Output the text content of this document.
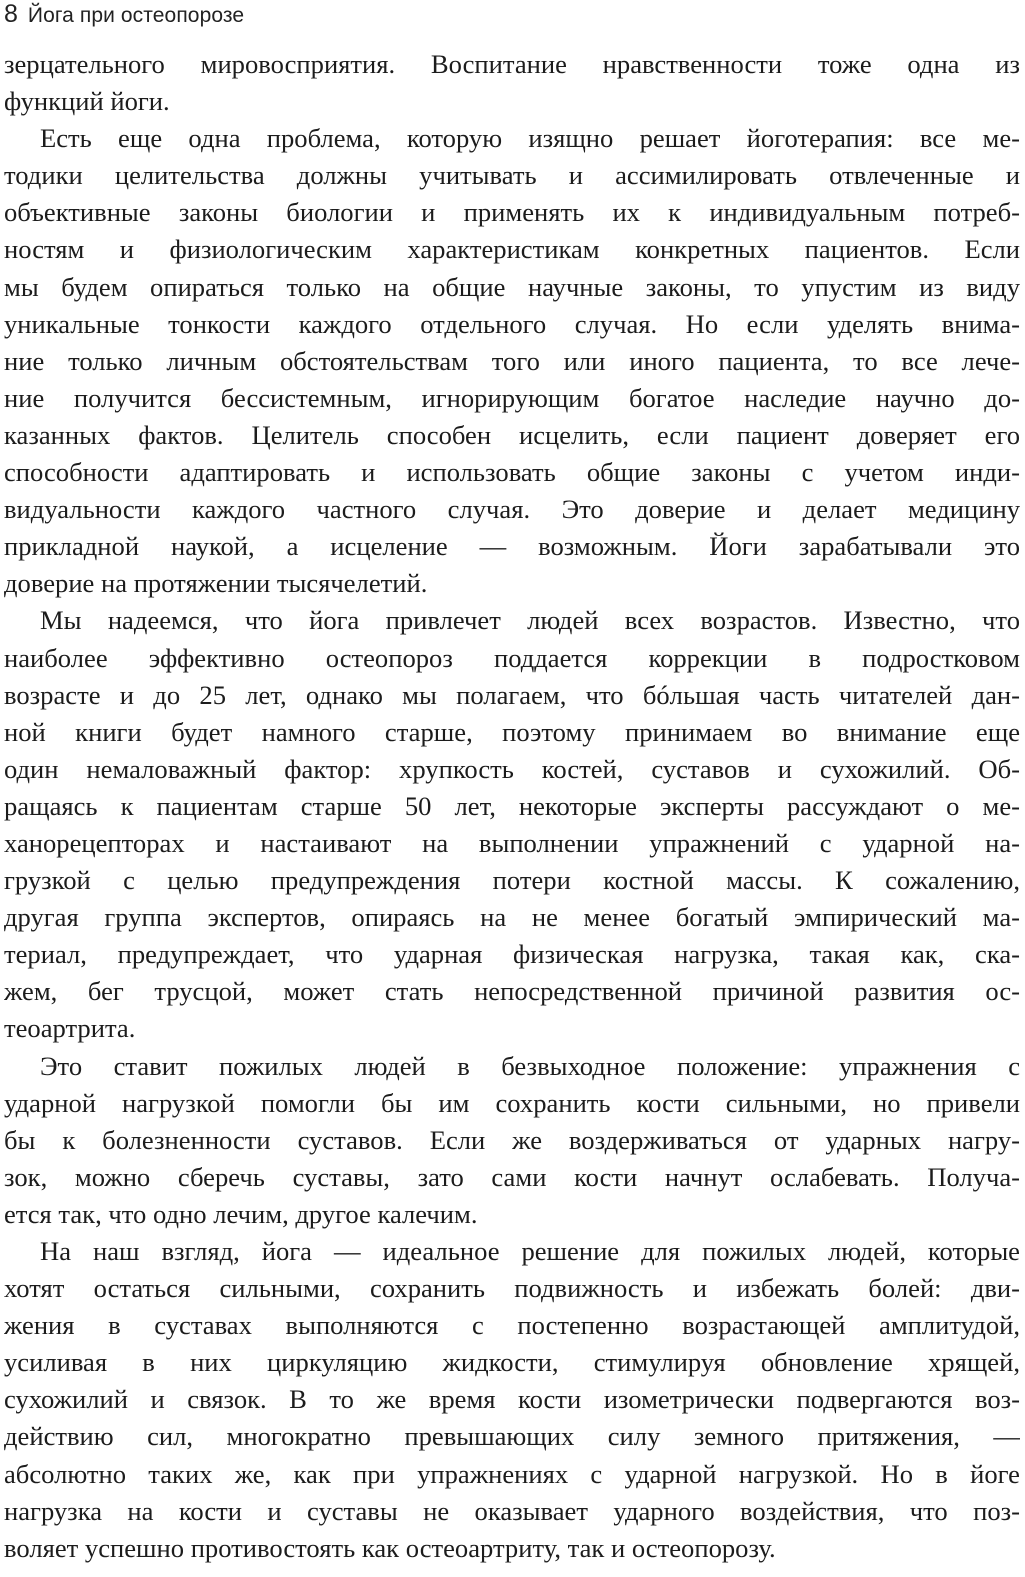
8 Йога при остеопорозе
зерцательного мировосприятия. Воспитание нравственности тоже одна из
функций йоги.
Есть еще одна проблема, которую изящно решает йоготерапия: все ме-
тодики целительства должны учитывать и ассимилировать отвлеченные и
объективные законы биологии и применять их к индивидуальным потреб-
ностям и физиологическим характеристикам конкретных пациентов. Если
мы будем опираться только на общие научные законы, то упустим из виду
уникальные тонкости каждого отдельного случая. Но если уделять внима-
ние только личным обстоятельствам того или иного пациента, то все лече-
ние получится бессистемным, игнорирующим богатое наследие научно до-
казанных фактов. Целитель способен исцелить, если пациент доверяет его
способности адаптировать и использовать общие законы с учетом инди-
видуальности каждого частного случая. Это доверие и делает медицину
прикладной наукой, а исцеление — возможным. Йоги зарабатывали это
доверие на протяжении тысячелетий.
Мы надеемся, что йога привлечет людей всех возрастов. Известно, что
наиболее эффективно остеопороз поддается коррекции в подростковом
возрасте и до 25 лет, однако мы полагаем, что бóльшая часть читателей дан-
ной книги будет намного старше, поэтому принимаем во внимание еще
один немаловажный фактор: хрупкость костей, суставов и сухожилий. Об-
ращаясь к пациентам старше 50 лет, некоторые эксперты рассуждают о ме-
ханорецепторах и настаивают на выполнении упражнений с ударной на-
грузкой с целью предупреждения потери костной массы. К сожалению,
другая группа экспертов, опираясь на не менее богатый эмпирический ма-
териал, предупреждает, что ударная физическая нагрузка, такая как, ска-
жем, бег трусцой, может стать непосредственной причиной развития ос-
теоартрита.
Это ставит пожилых людей в безвыходное положение: упражнения с
ударной нагрузкой помогли бы им сохранить кости сильными, но привели
бы к болезненности суставов. Если же воздерживаться от ударных нагру-
зок, можно сберечь суставы, зато сами кости начнут ослабевать. Получа-
ется так, что одно лечим, другое калечим.
На наш взгляд, йога — идеальное решение для пожилых людей, которые
хотят остаться сильными, сохранить подвижность и избежать болей: дви-
жения в суставах выполняются с постепенно возрастающей амплитудой,
усиливая в них циркуляцию жидкости, стимулируя обновление хрящей,
сухожилий и связок. В то же время кости изометрически подвергаются воз-
действию сил, многократно превышающих силу земного притяжения, —
абсолютно таких же, как при упражнениях с ударной нагрузкой. Но в йоге
нагрузка на кости и суставы не оказывает ударного воздействия, что поз-
воляет успешно противостоять как остеоартриту, так и остеопорозу.
